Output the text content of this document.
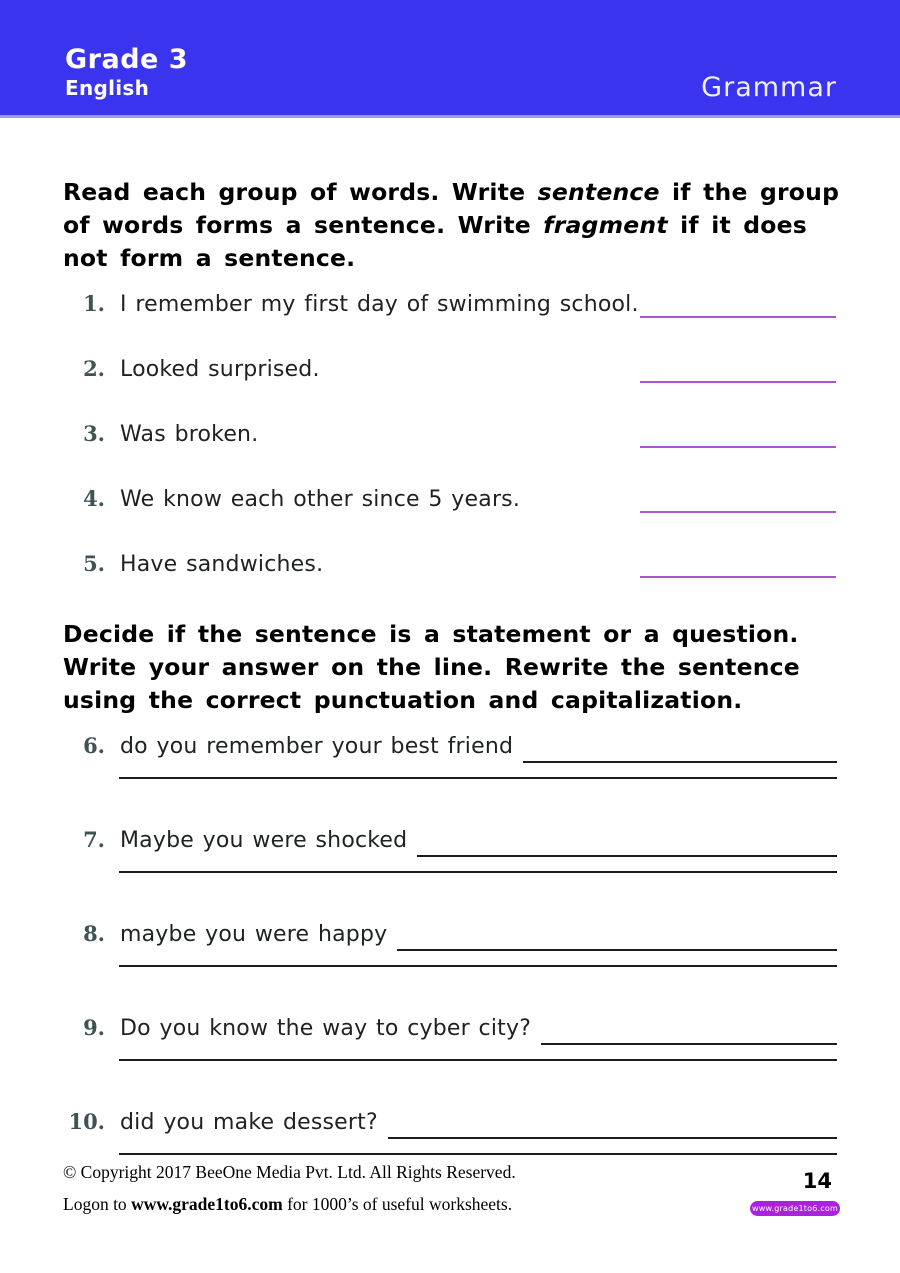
Grade 3
English	Grammar
Read each group of words. Write sentence if the group
of words forms a sentence. Write fragment if it does
not form a sentence.
1. I remember my first day of swimming school.
2. Looked surprised.
3. Was broken.
4. We know each other since 5 years.
5. Have sandwiches.
Decide if the sentence is a statement or a question.
Write your answer on the line. Rewrite the sentence
using the correct punctuation and capitalization.
6. do you remember your best friend
7. Maybe you were shocked
8. maybe you were happy
9. Do you know the way to cyber city?
10. did you make dessert?
© Copyright 2017 BeeOne Media Pvt. Ltd. All Rights Reserved.
Logon to www.grade1to6.com for 1000’s of useful worksheets.
14
www.grade1to6.com
